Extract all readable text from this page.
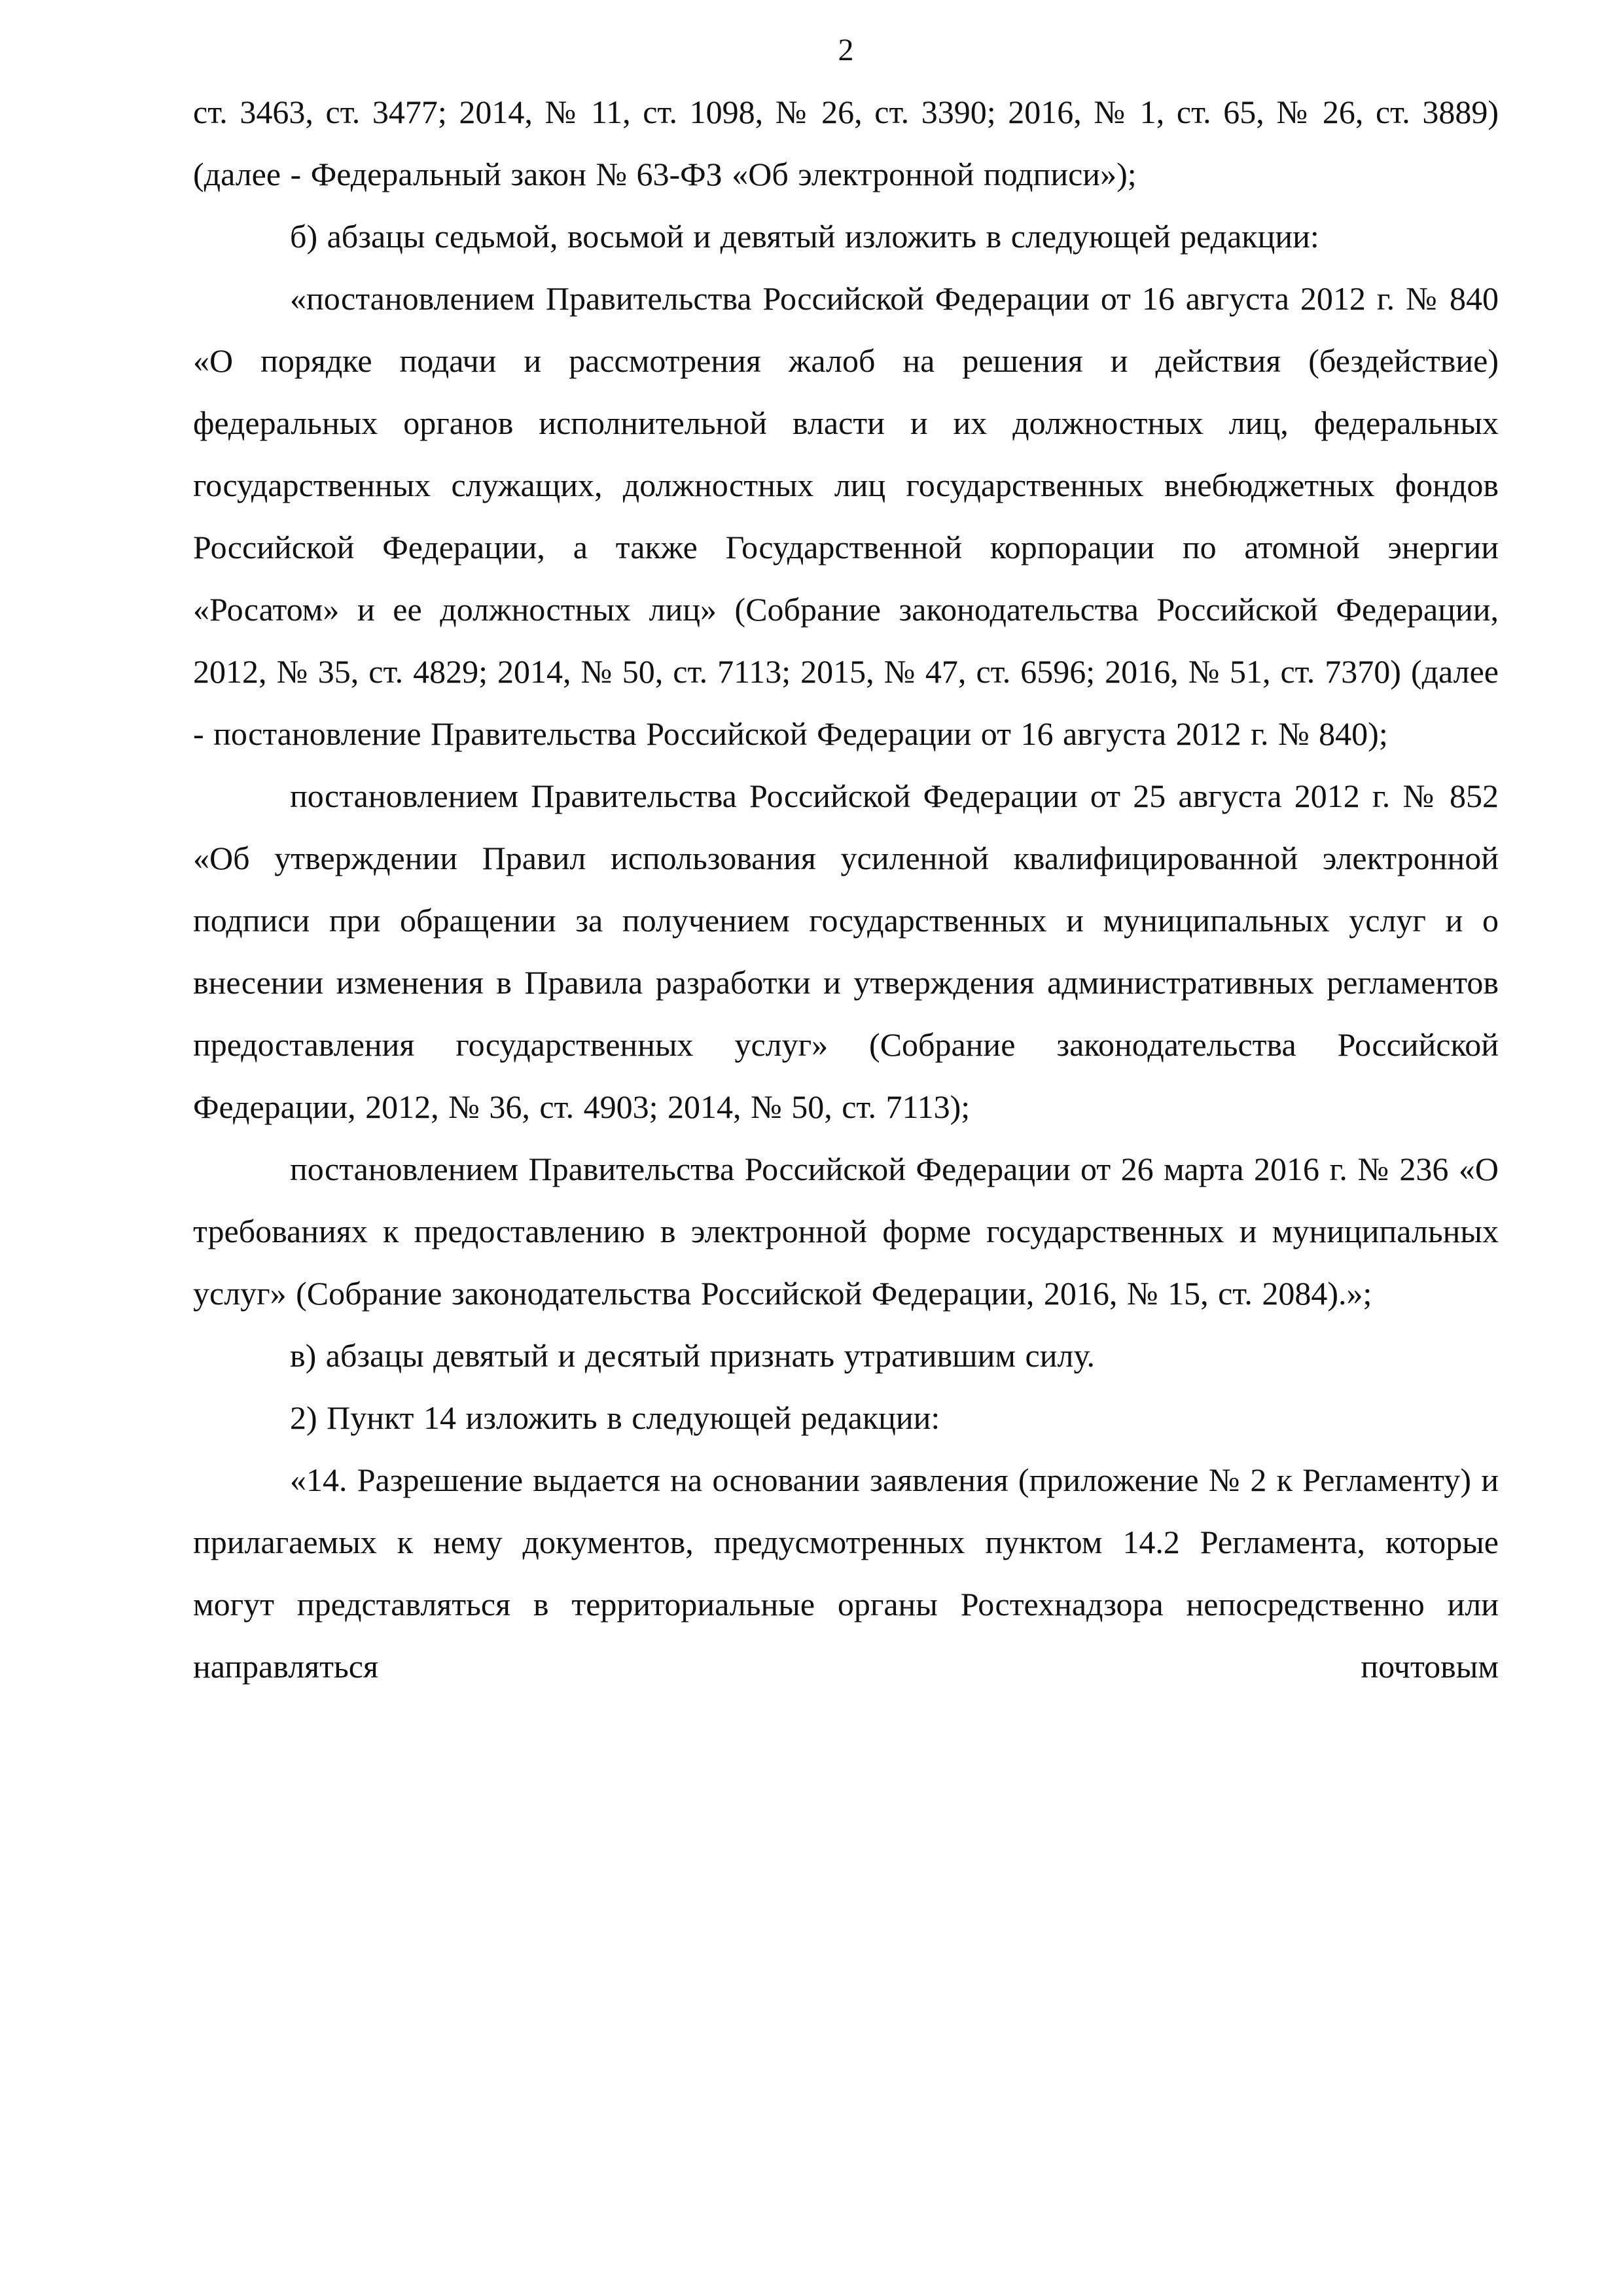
2

ст. 3463, ст. 3477; 2014, № 11, ст. 1098, № 26, ст. 3390; 2016, № 1, ст. 65, № 26, ст. 3889) (далее - Федеральный закон № 63-ФЗ «Об электронной подписи»);

б) абзацы седьмой, восьмой и девятый изложить в следующей редакции:

«постановлением Правительства Российской Федерации от 16 августа 2012 г. № 840 «О порядке подачи и рассмотрения жалоб на решения и действия (бездействие) федеральных органов исполнительной власти и их должностных лиц, федеральных государственных служащих, должностных лиц государственных внебюджетных фондов Российской Федерации, а также Государственной корпорации по атомной энергии «Росатом» и ее должностных лиц» (Собрание законодательства Российской Федерации, 2012, № 35, ст. 4829; 2014, № 50, ст. 7113; 2015, № 47, ст. 6596; 2016, № 51, ст. 7370) (далее - постановление Правительства Российской Федерации от 16 августа 2012 г. № 840);

постановлением Правительства Российской Федерации от 25 августа 2012 г. № 852 «Об утверждении Правил использования усиленной квалифицированной электронной подписи при обращении за получением государственных и муниципальных услуг и о внесении изменения в Правила разработки и утверждения административных регламентов предоставления государственных услуг» (Собрание законодательства Российской Федерации, 2012, № 36, ст. 4903; 2014, № 50, ст. 7113);

постановлением Правительства Российской Федерации от 26 марта 2016 г. № 236 «О требованиях к предоставлению в электронной форме государственных и муниципальных услуг» (Собрание законодательства Российской Федерации, 2016, № 15, ст. 2084).»;

в) абзацы девятый и десятый признать утратившим силу.

2) Пункт 14 изложить в следующей редакции:

«14. Разрешение выдается на основании заявления (приложение № 2 к Регламенту) и прилагаемых к нему документов, предусмотренных пунктом 14.2 Регламента, которые могут представляться в территориальные органы Ростехнадзора непосредственно или направляться почтовым
